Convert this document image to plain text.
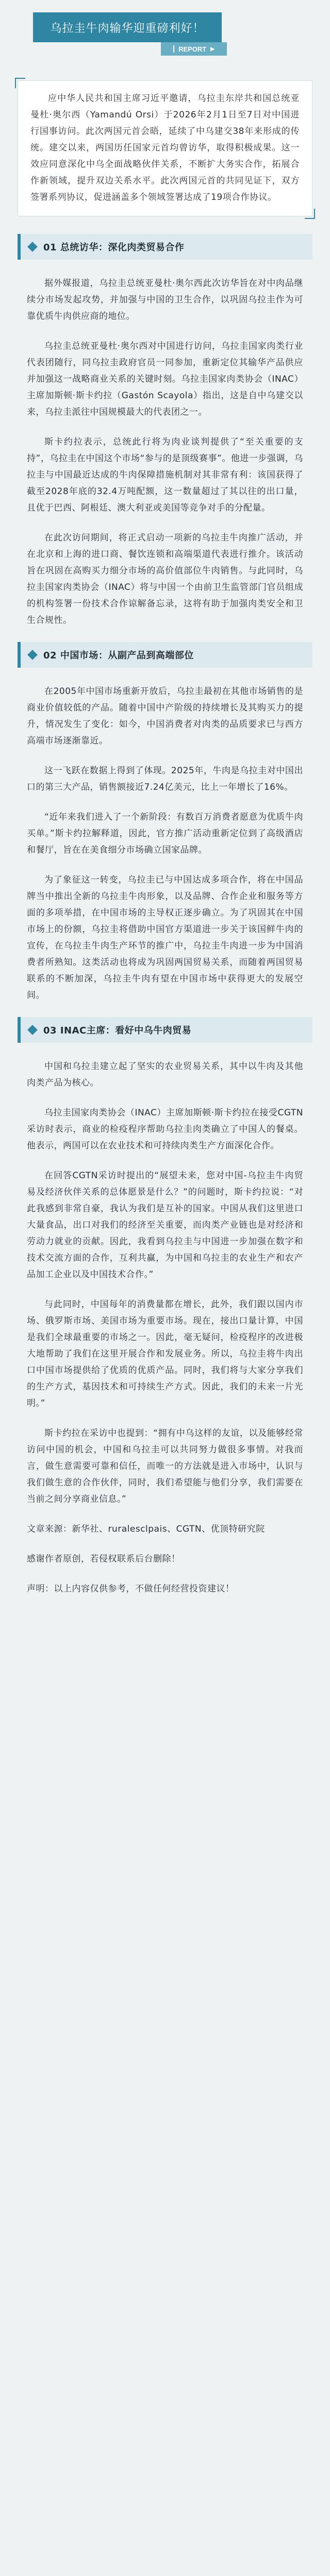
乌拉圭牛肉输华迎重磅利好！
REPORT ▶

应中华人民共和国主席习近平邀请，乌拉圭东岸共和国总统亚曼杜·奥尔西（Yamandú Orsi）于2026年2月1日至7日对中国进行国事访问。此次两国元首会晤，延续了中乌建交38年来形成的传统。建交以来，两国历任国家元首均曾访华，取得积极成果。这一效应同意深化中乌全面战略伙伴关系，不断扩大务实合作，拓展合作新领域，提升双边关系水平。此次两国元首的共同见证下，双方签署系列协议，促进涵盖多个领域签署达成了19项合作协议。

01 总统访华：深化肉类贸易合作

据外媒报道，乌拉圭总统亚曼杜·奥尔西此次访华旨在对中肉品继续分市场发起攻势，并加强与中国的卫生合作，以巩固乌拉圭作为可靠优质牛肉供应商的地位。

乌拉圭总统亚曼杜·奥尔西对中国进行访问，乌拉圭国家肉类行业代表团随行，同乌拉圭政府官员一同参加，重新定位其输华产品供应并加强这一战略商业关系的关键时刻。乌拉圭国家肉类协会（INAC）主席加斯顿·斯卡约拉（Gastón Scayola）指出，这是自中乌建交以来，乌拉圭派往中国规模最大的代表团之一。

斯卡约拉表示，总统此行将为肉业谈判提供了“至关重要的支持”，乌拉圭在中国这个市场“参与的是顶级赛事”。他进一步强调，乌拉圭与中国最近达成的牛肉保障措施机制对其非常有利：该国获得了截至2028年底的32.4万吨配额，这一数量超过了其以往的出口量，且优于巴西、阿根廷、澳大利亚或美国等竞争对手的分配量。

在此次访问期间，将正式启动一项新的乌拉圭牛肉推广活动，并在北京和上海的进口商、餐饮连锁和高端渠道代表进行推介。该活动旨在巩固在高购买力细分市场的高价值部位牛肉销售。与此同时，乌拉圭国家肉类协会（INAC）将与中国一个由前卫生监管部门官员组成的机构签署一份技术合作谅解备忘录，这将有助于加强肉类安全和卫生合规性。

02 中国市场：从副产品到高端部位

在2005年中国市场重新开放后，乌拉圭最初在其他市场销售的是商业价值较低的产品。随着中国中产阶级的持续增长及其购买力的提升，情况发生了变化：如今，中国消费者对肉类的品质要求已与西方高端市场逐渐靠近。

这一飞跃在数据上得到了体现。2025年，牛肉是乌拉圭对中国出口的第三大产品，销售额接近7.24亿美元，比上一年增长了16%。

“近年来我们进入了一个新阶段：有数百万消费者愿意为优质牛肉买单。”斯卡约拉解释道，因此，官方推广活动重新定位到了高级酒店和餐厅，旨在在美食细分市场确立国家品牌。

为了象征这一转变，乌拉圭已与中国达成多项合作，将在中国品牌当中推出全新的乌拉圭牛肉形象，以及品牌、合作企业和服务等方面的多项举措，在中国市场的主导权正逐步确立。为了巩固其在中国市场上的份额，乌拉圭将借助中国官方渠道进一步关于该国鲜牛肉的宣传，在乌拉圭牛肉生产环节的推广中，乌拉圭牛肉进一步为中国消费者所熟知。这类活动也将成为巩固两国贸易关系，而随着两国贸易联系的不断加深，乌拉圭牛肉有望在中国市场中获得更大的发展空间。

03 INAC主席：看好中乌牛肉贸易

中国和乌拉圭建立起了坚实的农业贸易关系，其中以牛肉及其他肉类产品为核心。

乌拉圭国家肉类协会（INAC）主席加斯顿·斯卡约拉在接受CGTN采访时表示，商业的检疫程序帮助乌拉圭肉类确立了中国人的餐桌。他表示，两国可以在农业技术和可持续肉类生产方面深化合作。

在回答CGTN采访时提出的“展望未来，您对中国-乌拉圭牛肉贸易及经济伙伴关系的总体愿景是什么？”的问题时，斯卡约拉说：“对此我感到非常自豪，我认为我们是互补的国家。中国从我们这里进口大量食品，出口对我们的经济至关重要，而肉类产业链也是对经济和劳动力就业的贡献。因此，我看到乌拉圭与中国进一步加强在数字和技术交流方面的合作，互利共赢，为中国和乌拉圭的农业生产和农产品加工企业以及中国技术合作。”

与此同时，中国每年的消费量都在增长，此外，我们跟以国内市场、俄罗斯市场、美国市场为重要市场。现在，接出口量计算，中国是我们全球最重要的市场之一。因此，毫无疑问，检疫程序的改进极大地帮助了我们在这里开展合作和发展业务。所以，乌拉圭将牛肉出口中国市场提供给了优质的优质产品。同时，我们将与大家分享我们的生产方式，基因技术和可持续生产方式。因此，我们的未来一片光明。”

斯卡约拉在采访中也提到：“拥有中乌这样的友谊，以及能够经常访问中国的机会，中国和乌拉圭可以共同努力做很多事情。对我而言，做生意需要可靠和信任，而唯一的方法就是进入市场中，认识与我们做生意的合作伙伴，同时，我们希望能与他们分享，我们需要在当前之间分享商业信息。”

文章来源：新华社、ruralesclpais、CGTN、优顶特研究院

感谢作者原创，若侵权联系后台删除！

声明：以上内容仅供参考，不做任何经营投资建议！
